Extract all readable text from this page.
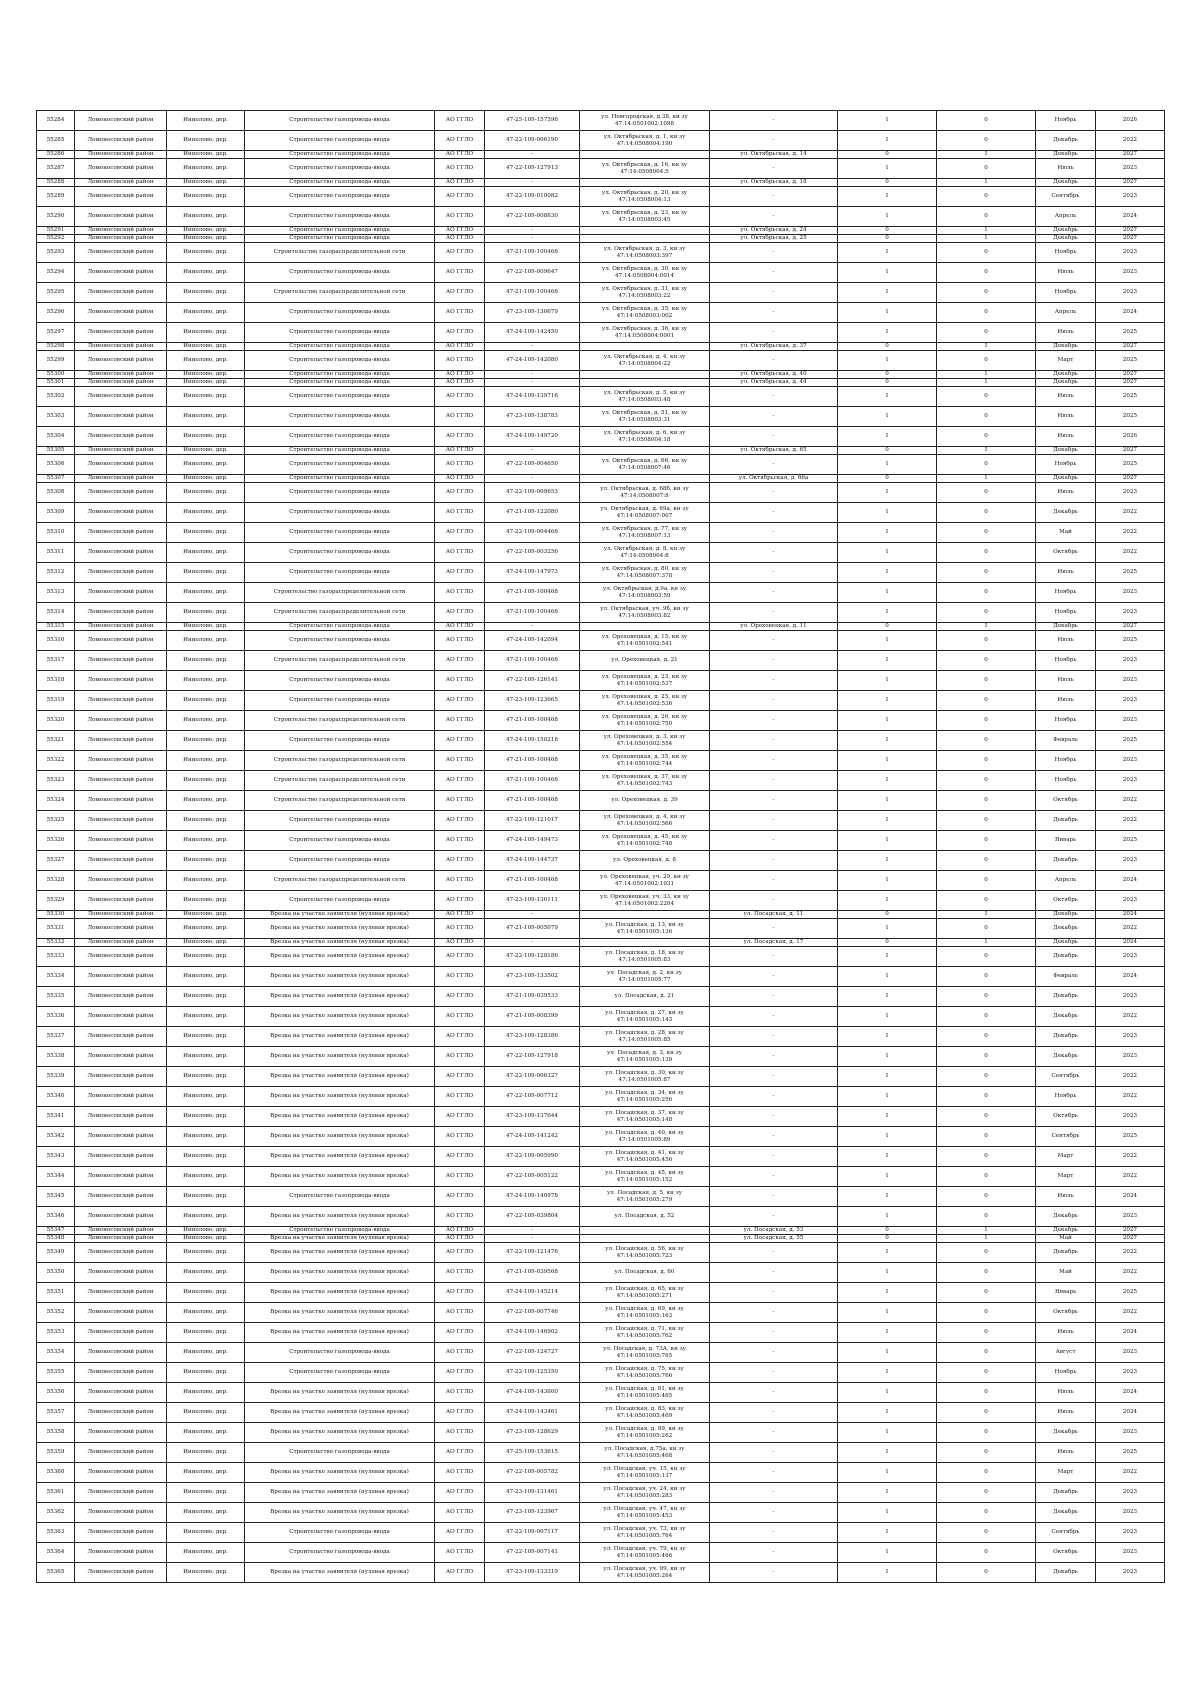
55284	Ломоносовский район	Иннолово, дер.	Строительство газопровода-ввода	АО ГГЛО	47-25-109-157596	ул. Новгородская, д.38, кн зу 47:14:0501002:1098	-	1	0	Ноябрь	2026
55285	Ломоносовский район	Иннолово, дер.	Строительство газопровода-ввода	АО ГГЛО	47-22-109-006190	ул. Октябрьская, д. 1, кн зу 47:14:0508004:190	-	1	0	Декабрь	2022
55286	Ломоносовский район	Иннолово, дер.	Строительство газопровода-ввода	АО ГГЛО	-		ул. Октябрьская, д. 14	0	1	Декабрь	2027
55287	Ломоносовский район	Иннолово, дер.	Строительство газопровода-ввода	АО ГГЛО	47-22-109-127913	ул. Октябрьская, д. 16, кн зу 47:14:0508004:5	-	1	0	Июль	2023
55288	Ломоносовский район	Иннолово, дер.	Строительство газопровода-ввода	АО ГГЛО	-		ул. Октябрьская, д. 18	0	1	Декабрь	2027
55289	Ломоносовский район	Иннолово, дер.	Строительство газопровода-ввода	АО ГГЛО	47-22-109-010082	ул. Октябрьская, д. 20, кн зу 47:14:0508004:13	-	1	0	Сентябрь	2023
55290	Ломоносовский район	Иннолово, дер.	Строительство газопровода-ввода	АО ГГЛО	47-22-109-008630	ул. Октябрьская, д. 23, кн зу 47:14:0508003:45	-	1	0	Апрель	2024
55291	Ломоносовский район	Иннолово, дер.	Строительство газопровода-ввода	АО ГГЛО	-		ул. Октябрьская, д. 24	0	1	Декабрь	2027
55292	Ломоносовский район	Иннолово, дер.	Строительство газопровода-ввода	АО ГГЛО	-		ул. Октябрьская, д. 25	0	1	Декабрь	2027
55293	Ломоносовский район	Иннолово, дер.	Строительство газораспределительной сети	АО ГГЛО	47-21-109-100468	ул. Октябрьская, д. 3, кн зу 47:14:0508003:397	-	1	0	Ноябрь	2023
55294	Ломоносовский район	Иннолово, дер.	Строительство газопровода-ввода	АО ГГЛО	47-22-109-009647	ул. Октябрьская, д. 30, кн зу 47:14:0508004:0014	-	1	0	Июль	2023
55295	Ломоносовский район	Иннолово, дер.	Строительство газораспределительной сети	АО ГГЛО	47-21-109-100468	ул. Октябрьская, д. 31, кн зу 47:14:0508003:22	-	1	0	Ноябрь	2023
55296	Ломоносовский район	Иннолово, дер.	Строительство газопровода-ввода	АО ГГЛО	47-23-109-130679	ул. Октябрьская, д. 35, кн зу 47:14:0508003:002	-	1	0	Апрель	2024
55297	Ломоносовский район	Иннолово, дер.	Строительство газопровода-ввода	АО ГГЛО	47-24-109-142450	ул. Октябрьская, д. 36, кн зу 47:14:0508004:0001	-	1	0	Июль	2025
55298	Ломоносовский район	Иннолово, дер.	Строительство газопровода-ввода	АО ГГЛО	-		ул. Октябрьская, д. 37	0	1	Декабрь	2027
55299	Ломоносовский район	Иннолово, дер.	Строительство газопровода-ввода	АО ГГЛО	47-24-109-142080	ул. Октябрьская, д. 4, кн зу 47:14:0508004:22	-	1	0	Март	2025
55300	Ломоносовский район	Иннолово, дер.	Строительство газопровода-ввода	АО ГГЛО	-		ул. Октябрьская, д. 40	0	1	Декабрь	2027
55301	Ломоносовский район	Иннолово, дер.	Строительство газопровода-ввода	АО ГГЛО	-		ул. Октябрьская, д. 44	0	1	Декабрь	2027
55302	Ломоносовский район	Иннолово, дер.	Строительство газопровода-ввода	АО ГГЛО	47-24-109-139716	ул. Октябрьская, д. 5, кн зу 47:14:0508003:48	-	1	0	Июль	2025
55303	Ломоносовский район	Иннолово, дер.	Строительство газопровода-ввода	АО ГГЛО	47-23-109-138783	ул. Октябрьская, д. 51, кн зу 47:14:0508003:31	-	1	0	Июль	2025
55304	Ломоносовский район	Иннолово, дер.	Строительство газопровода-ввода	АО ГГЛО	47-24-109-149720	ул. Октябрьская, д. 6, кн зу 47:14:0508004:18	-	1	0	Июль	2026
55305	Ломоносовский район	Иннолово, дер.	Строительство газопровода-ввода	АО ГГЛО	-		ул. Октябрьская, д. 65	0	1	Декабрь	2027
55306	Ломоносовский район	Иннолово, дер.	Строительство газопровода-ввода	АО ГГЛО	47-22-109-004650	ул. Октябрьская, д. 66, кн зу 47:14:0508007:46	-	1	0	Ноябрь	2025
55307	Ломоносовский район	Иннолово, дер.	Строительство газопровода-ввода	АО ГГЛО	-		ул. Октябрьская, д. 66а	0	1	Декабрь	2027
55308	Ломоносовский район	Иннолово, дер.	Строительство газопровода-ввода	АО ГГЛО	47-22-109-009653	ул. Октябрьская, д. 68б, кн зу 47:14:0508007:8	-	1	0	Июль	2023
55309	Ломоносовский район	Иннолово, дер.	Строительство газопровода-ввода	АО ГГЛО	47-21-109-122080	ул. Октябрьская, д. 69а, кн зу 47:14:0508007:007	-	1	0	Декабрь	2022
55310	Ломоносовский район	Иннолово, дер.	Строительство газопровода-ввода	АО ГГЛО	47-22-109-004468	ул. Октябрьская, д. 77, кн зу 47:14:0508007:13	-	1	0	Май	2022
55311	Ломоносовский район	Иннолово, дер.	Строительство газопровода-ввода	АО ГГЛО	47-22-109-003256	ул. Октябрьская, д. 8, кн зу 47:14:0508004:8	-	1	0	Октябрь	2022
55312	Ломоносовский район	Иннолово, дер.	Строительство газопровода-ввода	АО ГГЛО	47-24-109-147973	ул. Октябрьская, д. 80, кн зу 47:14:0508007:378	-	1	0	Июль	2025
55313	Ломоносовский район	Иннолово, дер.	Строительство газораспределительной сети	АО ГГЛО	47-21-109-100468	ул. Октябрьская, д.9а, кн зу 47:14:0508003:59	-	1	0	Ноябрь	2023
55314	Ломоносовский район	Иннолово, дер.	Строительство газораспределительной сети	АО ГГЛО	47-21-109-100468	ул. Октябрьская, уч. 9б, кн зу 47:14:0508003:82	-	1	0	Ноябрь	2023
55315	Ломоносовский район	Иннолово, дер.	Строительство газопровода-ввода	АО ГГЛО	-		ул. Ореховецкая, д. 11	0	1	Декабрь	2027
55316	Ломоносовский район	Иннолово, дер.	Строительство газопровода-ввода	АО ГГЛО	47-24-109-142094	ул. Ореховецкая, д. 15, кн зу 47:14:0501002:541	-	1	0	Июль	2025
55317	Ломоносовский район	Иннолово, дер.	Строительство газораспределительной сети	АО ГГЛО	47-21-109-100468	ул. Ореховецкая, д. 21	-	1	0	Ноябрь	2023
55318	Ломоносовский район	Иннолово, дер.	Строительство газопровода-ввода	АО ГГЛО	47-22-109-126141	ул. Ореховецкая, д. 23, кн зу 47:14:0501002:537	-	1	0	Июль	2023
55319	Ломоносовский район	Иннолово, дер.	Строительство газопровода-ввода	АО ГГЛО	47-23-109-123665	ул. Ореховецкая, д. 25, кн зу 47:14:0501002:536	-	1	0	Июль	2023
55320	Ломоносовский район	Иннолово, дер.	Строительство газораспределительной сети	АО ГГЛО	47-21-109-100468	ул. Ореховецкая, д. 26, кн зу 47:14:0501002:750	-	1	0	Ноябрь	2023
55321	Ломоносовский район	Иннолово, дер.	Строительство газопровода-ввода	АО ГГЛО	47-24-109-150218	ул. Ореховецкая, д. 3, кн зу 47:14:0501002:554	-	1	0	Февраль	2025
55322	Ломоносовский район	Иннолово, дер.	Строительство газораспределительной сети	АО ГГЛО	47-21-109-100468	ул. Ореховецкая, д. 35, кн зу 47:14:0501002:744	-	1	0	Ноябрь	2023
55323	Ломоносовский район	Иннолово, дер.	Строительство газораспределительной сети	АО ГГЛО	47-21-109-100468	ул. Ореховецкая, д. 37, кн зу 47:14:0501002:743	-	1	0	Ноябрь	2023
55324	Ломоносовский район	Иннолово, дер.	Строительство газораспределительной сети	АО ГГЛО	47-21-109-100468	ул. Ореховецкая, д. 39	-	1	0	Октябрь	2022
55325	Ломоносовский район	Иннолово, дер.	Строительство газопровода-ввода	АО ГГЛО	47-22-109-121017	ул. Ореховецкая, д. 4, кн зу 47:14:0501002:566	-	1	0	Декабрь	2022
55326	Ломоносовский район	Иннолово, дер.	Строительство газопровода-ввода	АО ГГЛО	47-24-109-149473	ул. Ореховецкая, д. 45, кн зу 47:14:0501002:748	-	1	0	Январь	2025
55327	Ломоносовский район	Иннолово, дер.	Строительство газопровода-ввода	АО ГГЛО	47-24-109-144737	ул. Ореховецкая, д. 8	-	1	0	Декабрь	2023
55328	Ломоносовский район	Иннолово, дер.	Строительство газораспределительной сети	АО ГГЛО	47-21-109-100468	ул. Ореховецкая, уч. 29, кн зу 47:14:0501002:1931	-	1	0	Апрель	2024
55329	Ломоносовский район	Иннолово, дер.	Строительство газопровода-ввода	АО ГГЛО	47-23-109-136111	ул. Ореховецкая, уч. 33, кн зу 47:14:0501002:2204	-	1	0	Октябрь	2023
55330	Ломоносовский район	Иннолово, дер.	Врезка на участке заявителя (нулевая врезка)	АО ГГЛО	-		ул. Посадская, д. 11	0	1	Декабрь	2024
55331	Ломоносовский район	Иннолово, дер.	Врезка на участке заявителя (нулевая врезка)	АО ГГЛО	47-21-109-005079	ул. Посадская, д. 13, кн зу 47:14:0501005:136	-	1	0	Декабрь	2022
55332	Ломоносовский район	Иннолово, дер.	Врезка на участке заявителя (нулевая врезка)	АО ГГЛО	-		ул. Посадская, д. 17	0	1	Декабрь	2024
55333	Ломоносовский район	Иннолово, дер.	Врезка на участке заявителя (нулевая врезка)	АО ГГЛО	47-22-109-128186	ул. Посадская, д. 18, кн зу 47:14:0501005:83	-	1	0	Декабрь	2023
55334	Ломоносовский район	Иннолово, дер.	Врезка на участке заявителя (нулевая врезка)	АО ГГЛО	47-23-109-133502	ул. Посадская, д. 2, кн зу 47:14:0501005:77	-	1	0	Февраль	2024
55335	Ломоносовский район	Иннолово, дер.	Врезка на участке заявителя (нулевая врезка)	АО ГГЛО	47-21-109-039533	ул. Посадская, д. 21	-	1	0	Декабрь	2023
55336	Ломоносовский район	Иннолово, дер.	Врезка на участке заявителя (нулевая врезка)	АО ГГЛО	47-21-109-008399	ул. Посадская, д. 27, кн зу 47:14:0501005:143	-	1	0	Декабрь	2022
55337	Ломоносовский район	Иннолово, дер.	Врезка на участке заявителя (нулевая врезка)	АО ГГЛО	47-23-109-128386	ул. Посадская, д. 28, кн зу 47:14:0501005:85	-	1	0	Декабрь	2023
55338	Ломоносовский район	Иннолово, дер.	Врезка на участке заявителя (нулевая врезка)	АО ГГЛО	47-22-109-127918	ул. Посадская, д. 3, кн зу 47:14:0501005:139	-	1	0	Декабрь	2023
55339	Ломоносовский район	Иннолово, дер.	Врезка на участке заявителя (нулевая врезка)	АО ГГЛО	47-22-109-006327	ул. Посадская, д. 30, кн зу 47:14:0501005:87	-	1	0	Сентябрь	2022
55340	Ломоносовский район	Иннолово, дер.	Врезка на участке заявителя (нулевая врезка)	АО ГГЛО	47-22-109-007712	ул. Посадская, д. 34, кн зу 47:14:0501005:256	-	1	0	Ноябрь	2022
55341	Ломоносовский район	Иннолово, дер.	Врезка на участке заявителя (нулевая врезка)	АО ГГЛО	47-23-109-137644	ул. Посадская, д. 37, кн зу 47:14:0501005:148	-	1	0	Октябрь	2023
55342	Ломоносовский район	Иннолово, дер.	Врезка на участке заявителя (нулевая врезка)	АО ГГЛО	47-24-109-141242	ул. Посадская, д. 40, кн зу 47:14:0501005:89	-	1	0	Сентябрь	2025
55343	Ломоносовский район	Иннолово, дер.	Врезка на участке заявителя (нулевая врезка)	АО ГГЛО	47-22-109-005990	ул. Посадская, д. 41, кн зу 47:14:0501005:456	-	1	0	Март	2022
55344	Ломоносовский район	Иннолово, дер.	Врезка на участке заявителя (нулевая врезка)	АО ГГЛО	47-22-109-005122	ул. Посадская, д. 45, кн зу 47:14:0501005:152	-	1	0	Март	2022
55345	Ломоносовский район	Иннолово, дер.	Строительство газопровода-ввода	АО ГГЛО	47-24-109-140978	ул. Посадская, д. 5, кн зу 47:14:0501005:279	-	1	0	Июль	2024
55346	Ломоносовский район	Иннолово, дер.	Врезка на участке заявителя (нулевая врезка)	АО ГГЛО	47-22-109-039804	ул. Посадская, д. 52	-	1	0	Декабрь	2023
55347	Ломоносовский район	Иннолово, дер.	Строительство газопровода-ввода	АО ГГЛО	-		ул. Посадская, д. 53	0	1	Декабрь	2027
55348	Ломоносовский район	Иннолово, дер.	Врезка на участке заявителя (нулевая врезка)	АО ГГЛО	-		ул. Посадская, д. 55	0	1	Май	2027
55349	Ломоносовский район	Иннолово, дер.	Врезка на участке заявителя (нулевая врезка)	АО ГГЛО	47-22-109-121476	ул. Посадская, д. 56, кн зу 47:14:0501005:723	-	1	0	Декабрь	2022
55350	Ломоносовский район	Иннолово, дер.	Врезка на участке заявителя (нулевая врезка)	АО ГГЛО	47-21-109-039568	ул. Посадская, д. 60	-	1	0	Май	2022
55351	Ломоносовский район	Иннолово, дер.	Врезка на участке заявителя (нулевая врезка)	АО ГГЛО	47-24-109-145214	ул. Посадская, д. 65, кн зу 47:14:0501005:271	-	1	0	Январь	2025
55352	Ломоносовский район	Иннолово, дер.	Врезка на участке заявителя (нулевая врезка)	АО ГГЛО	47-22-109-007746	ул. Посадская, д. 69, кн зу 47:14:0501005:163	-	1	0	Октябрь	2022
55353	Ломоносовский район	Иннолово, дер.	Врезка на участке заявителя (нулевая врезка)	АО ГГЛО	47-24-109-146902	ул. Посадская, д. 71, кн зу 47:14:0501005:762	-	1	0	Июль	2024
55354	Ломоносовский район	Иннолово, дер.	Строительство газопровода-ввода	АО ГГЛО	47-22-109-124727	ул. Посадская, д. 73А, кн зу 47:14:0501005:765	-	1	0	Август	2023
55355	Ломоносовский район	Иннолово, дер.	Строительство газопровода-ввода	АО ГГЛО	47-22-109-125350	ул. Посадская, д. 75, кн зу 47:14:0501005:766	-	1	0	Ноябрь	2023
55356	Ломоносовский район	Иннолово, дер.	Врезка на участке заявителя (нулевая врезка)	АО ГГЛО	47-24-109-143600	ул. Посадская, д. 81, кн зу 47:14:0501005:465	-	1	0	Июль	2024
55357	Ломоносовский район	Иннолово, дер.	Врезка на участке заявителя (нулевая врезка)	АО ГГЛО	47-24-109-143461	ул. Посадская, д. 83, кн зу 47:14:0501005:469	-	1	0	Июль	2024
55358	Ломоносовский район	Иннолово, дер.	Врезка на участке заявителя (нулевая врезка)	АО ГГЛО	47-23-109-128629	ул. Посадская, д. 89, кн зу 47:14:0501005:262	-	1	0	Декабрь	2023
55359	Ломоносовский район	Иннолово, дер.	Строительство газопровода-ввода	АО ГГЛО	47-25-109-153615	ул. Посадская, д.75а, кн зу 47:14:0501005:468	-	1	0	Июль	2025
55360	Ломоносовский район	Иннолово, дер.	Врезка на участке заявителя (нулевая врезка)	АО ГГЛО	47-22-109-005782	ул. Посадская, уч. 15, кн зу 47:14:0501005:137	-	1	0	Март	2022
55361	Ломоносовский район	Иннолово, дер.	Врезка на участке заявителя (нулевая врезка)	АО ГГЛО	47-23-109-131461	ул. Посадская, уч. 24, кн зу 47:14:0501005:283	-	1	0	Декабрь	2023
55362	Ломоносовский район	Иннолово, дер.	Врезка на участке заявителя (нулевая врезка)	АО ГГЛО	47-23-109-123967	ул. Посадская, уч. 47, кн зу 47:14:0501005:453	-	1	0	Декабрь	2023
55363	Ломоносовский район	Иннолово, дер.	Строительство газопровода-ввода	АО ГГЛО	47-22-109-007117	ул. Посадская, уч. 73, кн зу 47:14:0501005:764	-	1	0	Сентябрь	2023
55364	Ломоносовский район	Иннолово, дер.	Строительство газопровода-ввода	АО ГГЛО	47-22-109-007141	ул. Посадская, уч. 79, кн зу 47:14:0501005:466	-	1	0	Октябрь	2023
55365	Ломоносовский район	Иннолово, дер.	Врезка на участке заявителя (нулевая врезка)	АО ГГЛО	47-23-109-133319	ул. Посадская, уч. 99, кн зу 47:14:0501005:264	-	1	0	Декабрь	2023
